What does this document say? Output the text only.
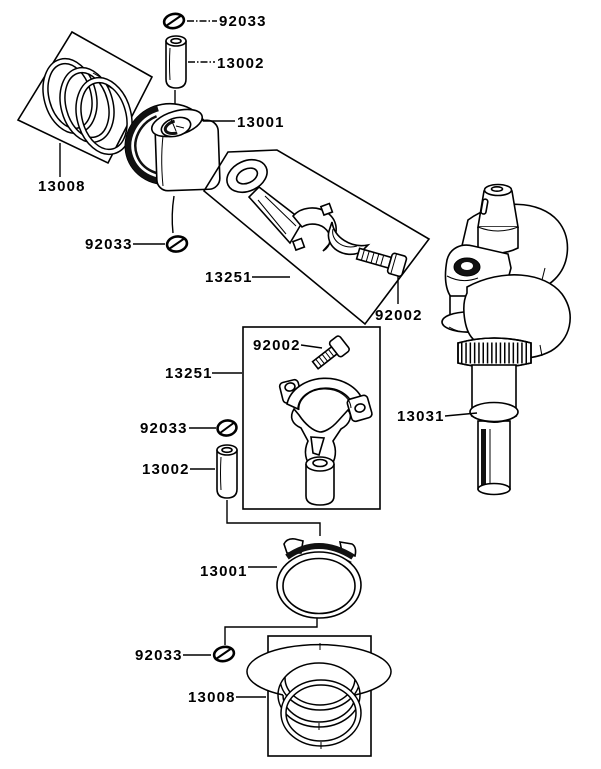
13008
92033
13002
13001
92033
13251
92002
92002
13251
92033
13002
13031
13001
92033
13008
